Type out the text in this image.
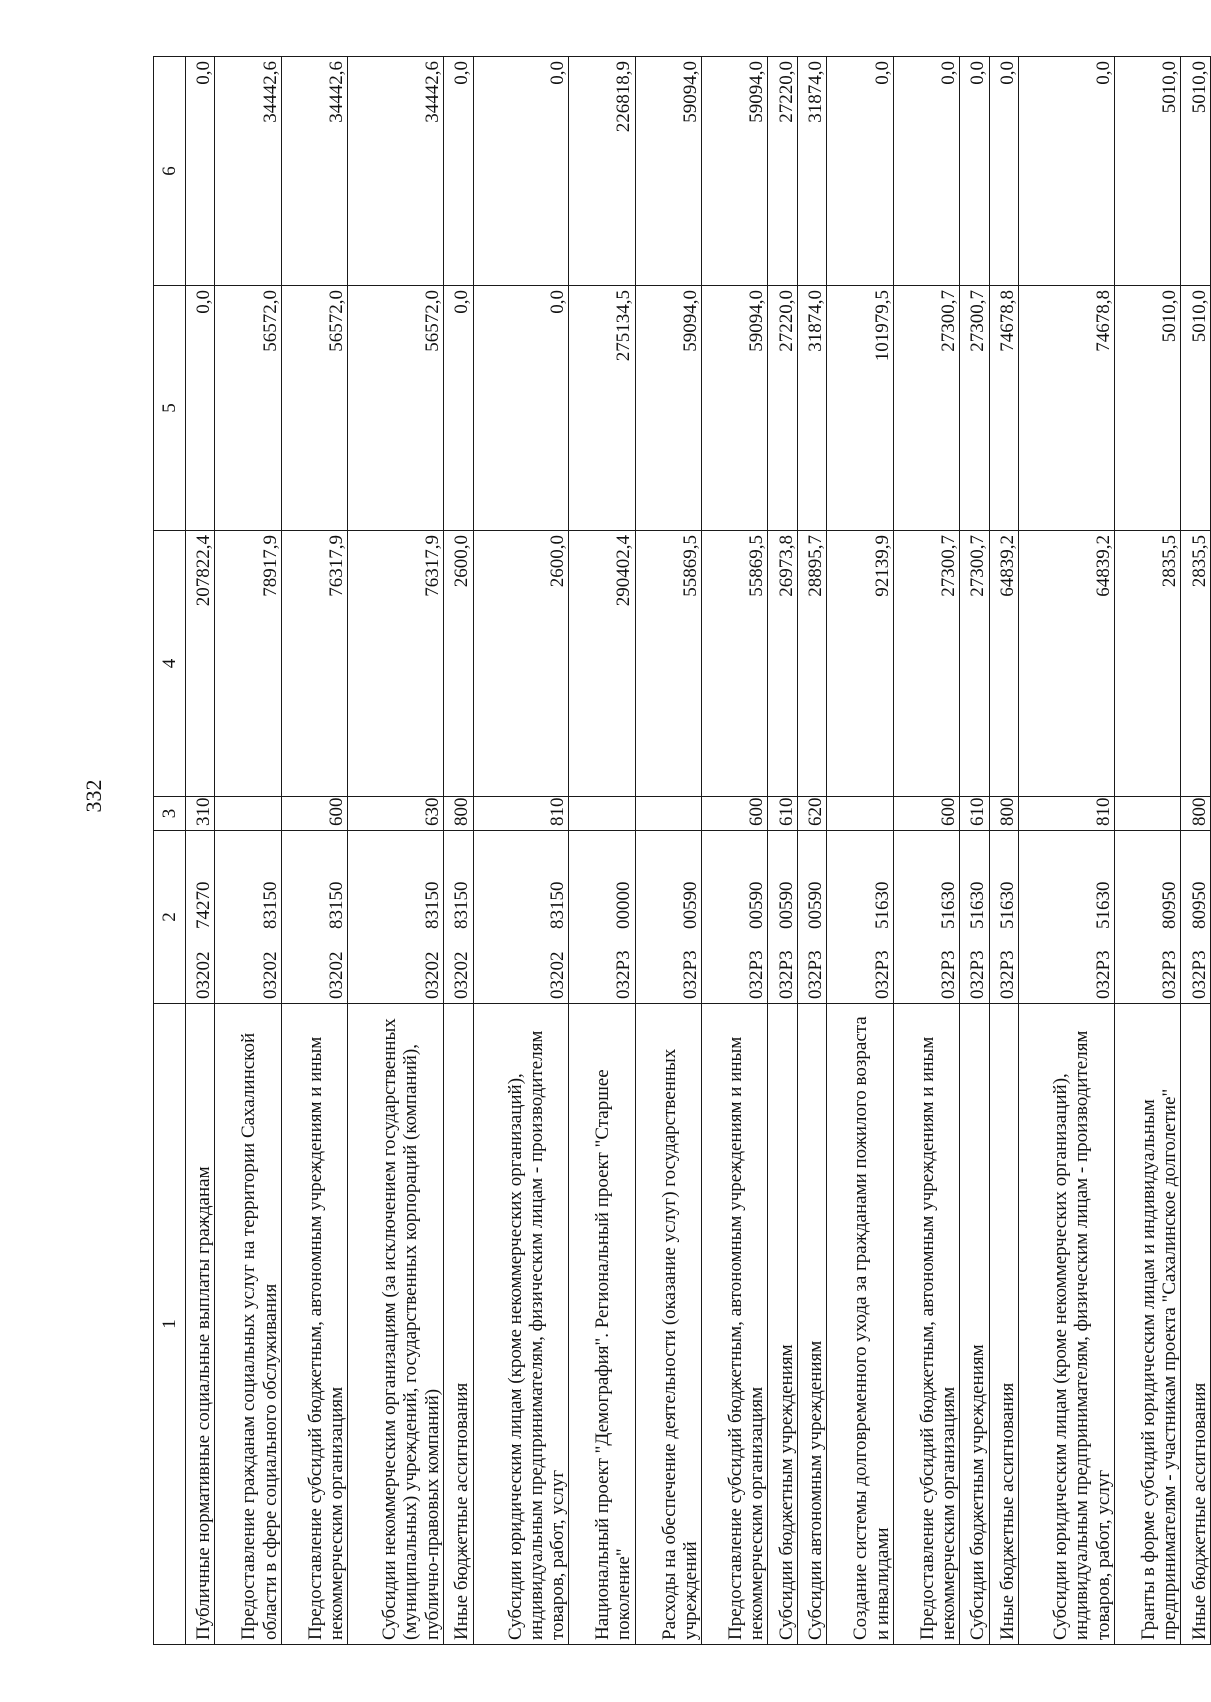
332
1	2	3	4	5	6
Публичные нормативные социальные выплаты гражданам	0320274270	310	207822,4	0,0	0,0
Предоставление гражданам социальных услуг на территории Сахалинской области в сфере социального обслуживания	0320283150		78917,9	56572,0	34442,6
Предоставление субсидий бюджетным, автономным учреждениям и иным некоммерческим организациям	0320283150	600	76317,9	56572,0	34442,6
Субсидии некоммерческим организациям (за исключением государственных (муниципальных) учреждений, государственных корпораций (компаний), публично-правовых компаний)	0320283150	630	76317,9	56572,0	34442,6
Иные бюджетные ассигнования	0320283150	800	2600,0	0,0	0,0
Субсидии юридическим лицам (кроме некоммерческих организаций), индивидуальным предпринимателям, физическим лицам - производителям товаров, работ, услуг	0320283150	810	2600,0	0,0	0,0
Национальный проект "Демография". Региональный проект "Старшее поколение"	032P300000		290402,4	275134,5	226818,9
Расходы на обеспечение деятельности (оказание услуг) государственных учреждений	032P300590		55869,5	59094,0	59094,0
Предоставление субсидий бюджетным, автономным учреждениям и иным некоммерческим организациям	032P300590	600	55869,5	59094,0	59094,0
Субсидии бюджетным учреждениям	032P300590	610	26973,8	27220,0	27220,0
Субсидии автономным учреждениям	032P300590	620	28895,7	31874,0	31874,0
Создание системы долговременного ухода за гражданами пожилого возраста и инвалидами	032P351630		92139,9	101979,5	0,0
Предоставление субсидий бюджетным, автономным учреждениям и иным некоммерческим организациям	032P351630	600	27300,7	27300,7	0,0
Субсидии бюджетным учреждениям	032P351630	610	27300,7	27300,7	0,0
Иные бюджетные ассигнования	032P351630	800	64839,2	74678,8	0,0
Субсидии юридическим лицам (кроме некоммерческих организаций), индивидуальным предпринимателям, физическим лицам - производителям товаров, работ, услуг	032P351630	810	64839,2	74678,8	0,0
Гранты в форме субсидий юридическим лицам и индивидуальным предпринимателям - участникам проекта "Сахалинское долголетие"	032P380950		2835,5	5010,0	5010,0
Иные бюджетные ассигнования	032P380950	800	2835,5	5010,0	5010,0
